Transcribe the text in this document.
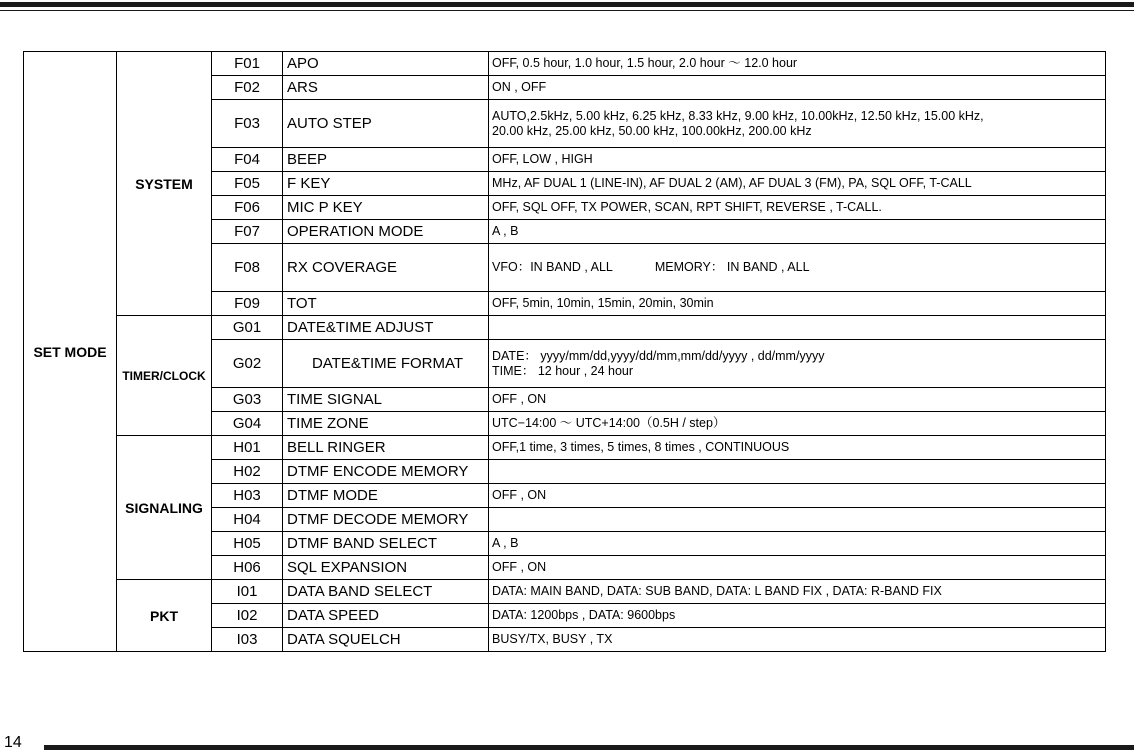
SET MODE	SYSTEM	F01	APO	OFF, 0.5 hour, 1.0 hour, 1.5 hour, 2.0 hour ～ 12.0 hour
		F02	ARS	ON , OFF
		F03	AUTO STEP	AUTO,2.5kHz, 5.00 kHz, 6.25 kHz, 8.33 kHz, 9.00 kHz, 10.00kHz, 12.50 kHz, 15.00 kHz,
20.00 kHz, 25.00 kHz, 50.00 kHz, 100.00kHz, 200.00 kHz

		F04	BEEP	OFF, LOW , HIGH
		F05	F KEY	MHz, AF DUAL 1 (LINE-IN), AF DUAL 2 (AM), AF DUAL 3 (FM), PA, SQL OFF, T-CALL
		F06	MIC P KEY	OFF, SQL OFF, TX POWER, SCAN, RPT SHIFT, REVERSE , T-CALL.
		F07	OPERATION MODE	A , B
		F08	RX COVERAGE	VFO：IN BAND , ALL MEMORY： IN BAND , ALL
		F09	TOT	OFF, 5min, 10min, 15min, 20min, 30min
	TIMER/CLOCK	G01	DATE&TIME ADJUST	
		G02	DATE&TIME FORMAT	DATE： yyyy/mm/dd,yyyy/dd/mm,mm/dd/yyyy , dd/mm/yyyy
TIME： 12 hour , 24 hour

		G03	TIME SIGNAL	OFF , ON
		G04	TIME ZONE	UTC−14:00 ～ UTC+14:00（0.5H / step）
	SIGNALING	H01	BELL RINGER	OFF,1 time, 3 times, 5 times, 8 times , CONTINUOUS
		H02	DTMF ENCODE MEMORY	
		H03	DTMF MODE	OFF , ON
		H04	DTMF DECODE MEMORY	
		H05	DTMF BAND SELECT	A , B
		H06	SQL EXPANSION	OFF , ON
	PKT	I01	DATA BAND SELECT	DATA: MAIN BAND, DATA: SUB BAND, DATA: L BAND FIX , DATA: R-BAND FIX
		I02	DATA SPEED	DATA: 1200bps , DATA: 9600bps
		I03	DATA SQUELCH	BUSY/TX, BUSY , TX
14
